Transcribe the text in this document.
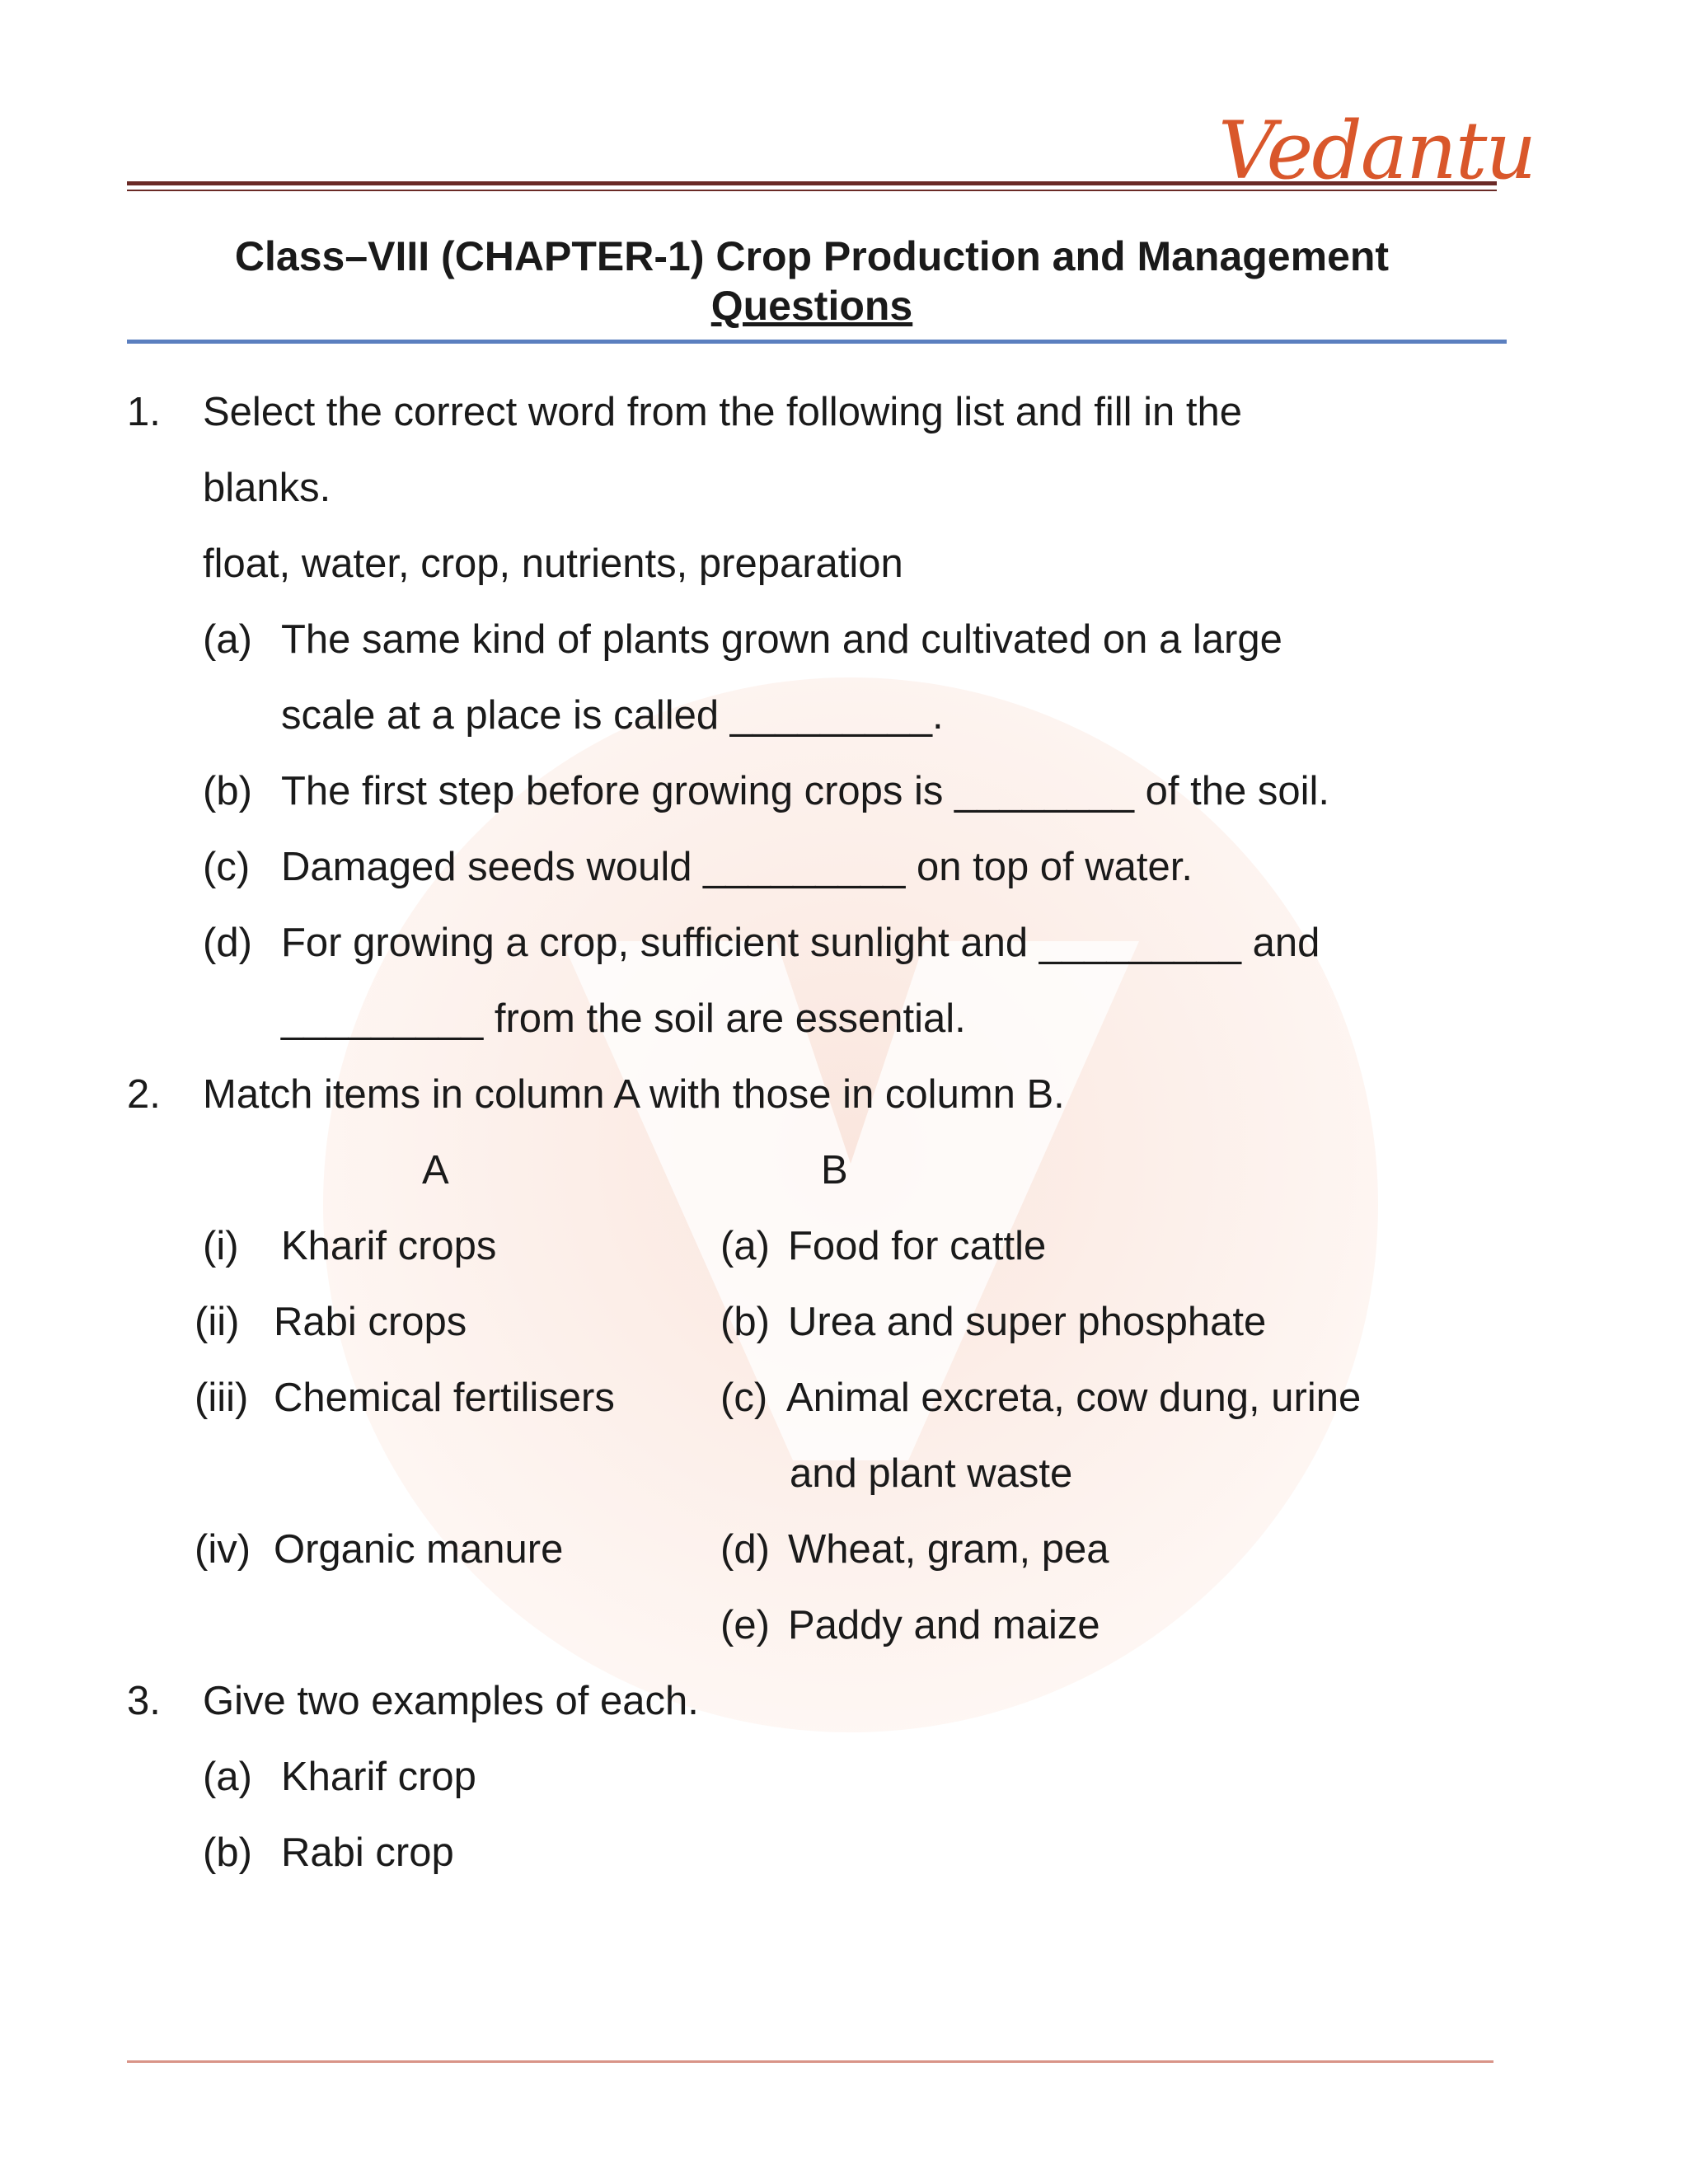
Vedantu
Class–VIII (CHAPTER-1) Crop Production and Management
Questions
1. Select the correct word from the following list and fill in the
blanks.
float, water, crop, nutrients, preparation
(a) The same kind of plants grown and cultivated on a large
scale at a place is called _________.
(b) The first step before growing crops is ________ of the soil.
(c) Damaged seeds would _________ on top of water.
(d) For growing a crop, sufficient sunlight and _________ and
_________ from the soil are essential.
2. Match items in column A with those in column B.
A	B
(i) Kharif crops	(a) Food for cattle
(ii) Rabi crops	(b) Urea and super phosphate
(iii) Chemical fertilisers	(c) Animal excreta, cow dung, urine
and plant waste
(iv) Organic manure	(d) Wheat, gram, pea
(e) Paddy and maize
3. Give two examples of each.
(a) Kharif crop
(b) Rabi crop
